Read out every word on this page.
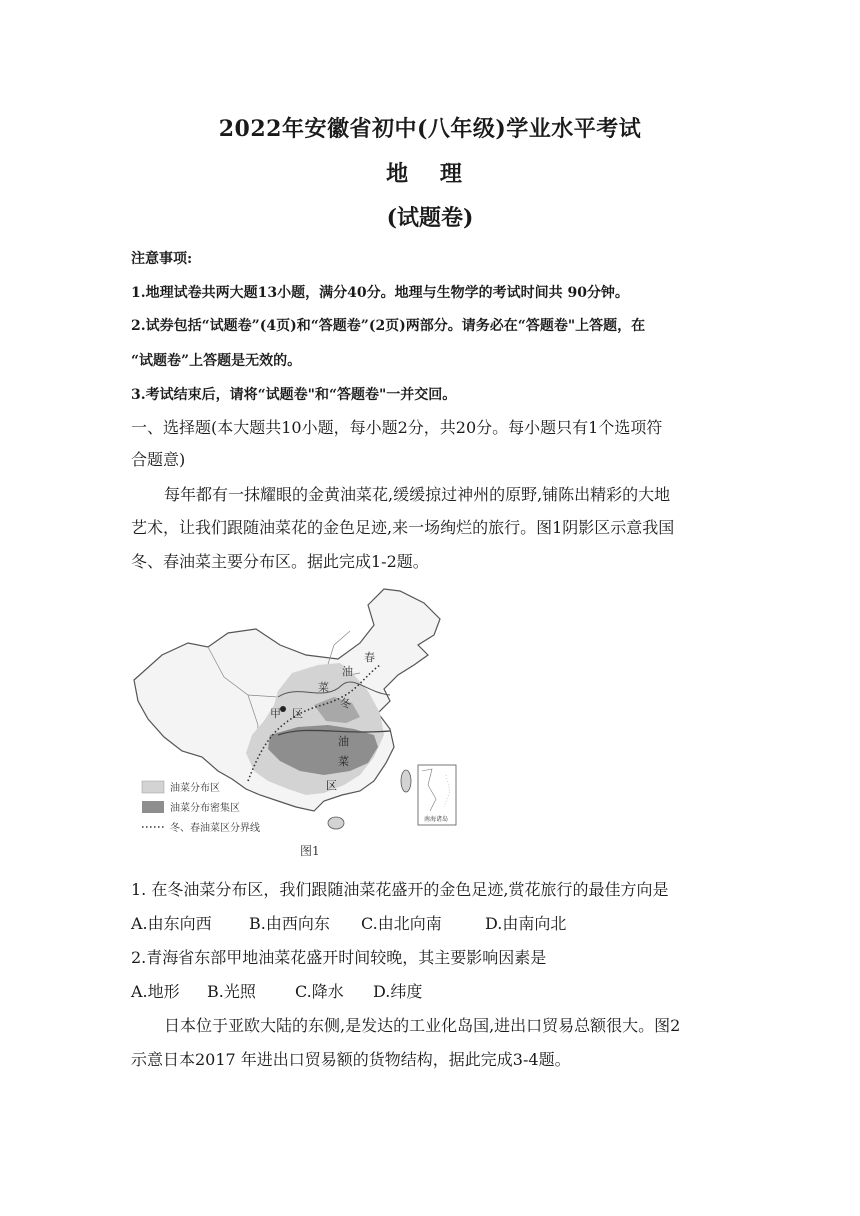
2022年安徽省初中(八年级)学业水平考试
地 理
(试题卷)
注意事项:
1.地理试卷共两大题13小题，满分40分。地理与生物学的考试时间共 90分钟。
2.试券包括“试题卷”(4页)和“答题卷”(2页)两部分。请务必在“答题卷"上答题，在
“试题卷”上答题是无效的。
3.考试结束后，请将“试题卷"和“答题卷"一并交回。
一、选择题(本大题共10小题，每小题2分，共20分。每小题只有1个选项符
合题意)
每年都有一抹耀眼的金黄油菜花,缓缓掠过神州的原野,铺陈出精彩的大地
艺术，让我们跟随油菜花的金色足迹,来一场绚烂的旅行。图1阴影区示意我国
冬、春油菜主要分布区。据此完成1-2题。
春
油
菜
冬
甲 区
油
菜
区
油菜分布区
油菜分布密集区
冬、春油菜区分界线
南海诸岛
图1
1. 在冬油菜分布区，我们跟随油菜花盛开的金色足迹,赏花旅行的最佳方向是
A.由东向西 B.由西向东 C.由北向南	D.由南向北
2.青海省东部甲地油菜花盛开时间较晚，其主要影响因素是
A.地形 B.光照 C.降水 D.纬度
日本位于亚欧大陆的东侧,是发达的工业化岛国,进出口贸易总额很大。图2
示意日本2017 年进出口贸易额的货物结构，据此完成3-4题。
